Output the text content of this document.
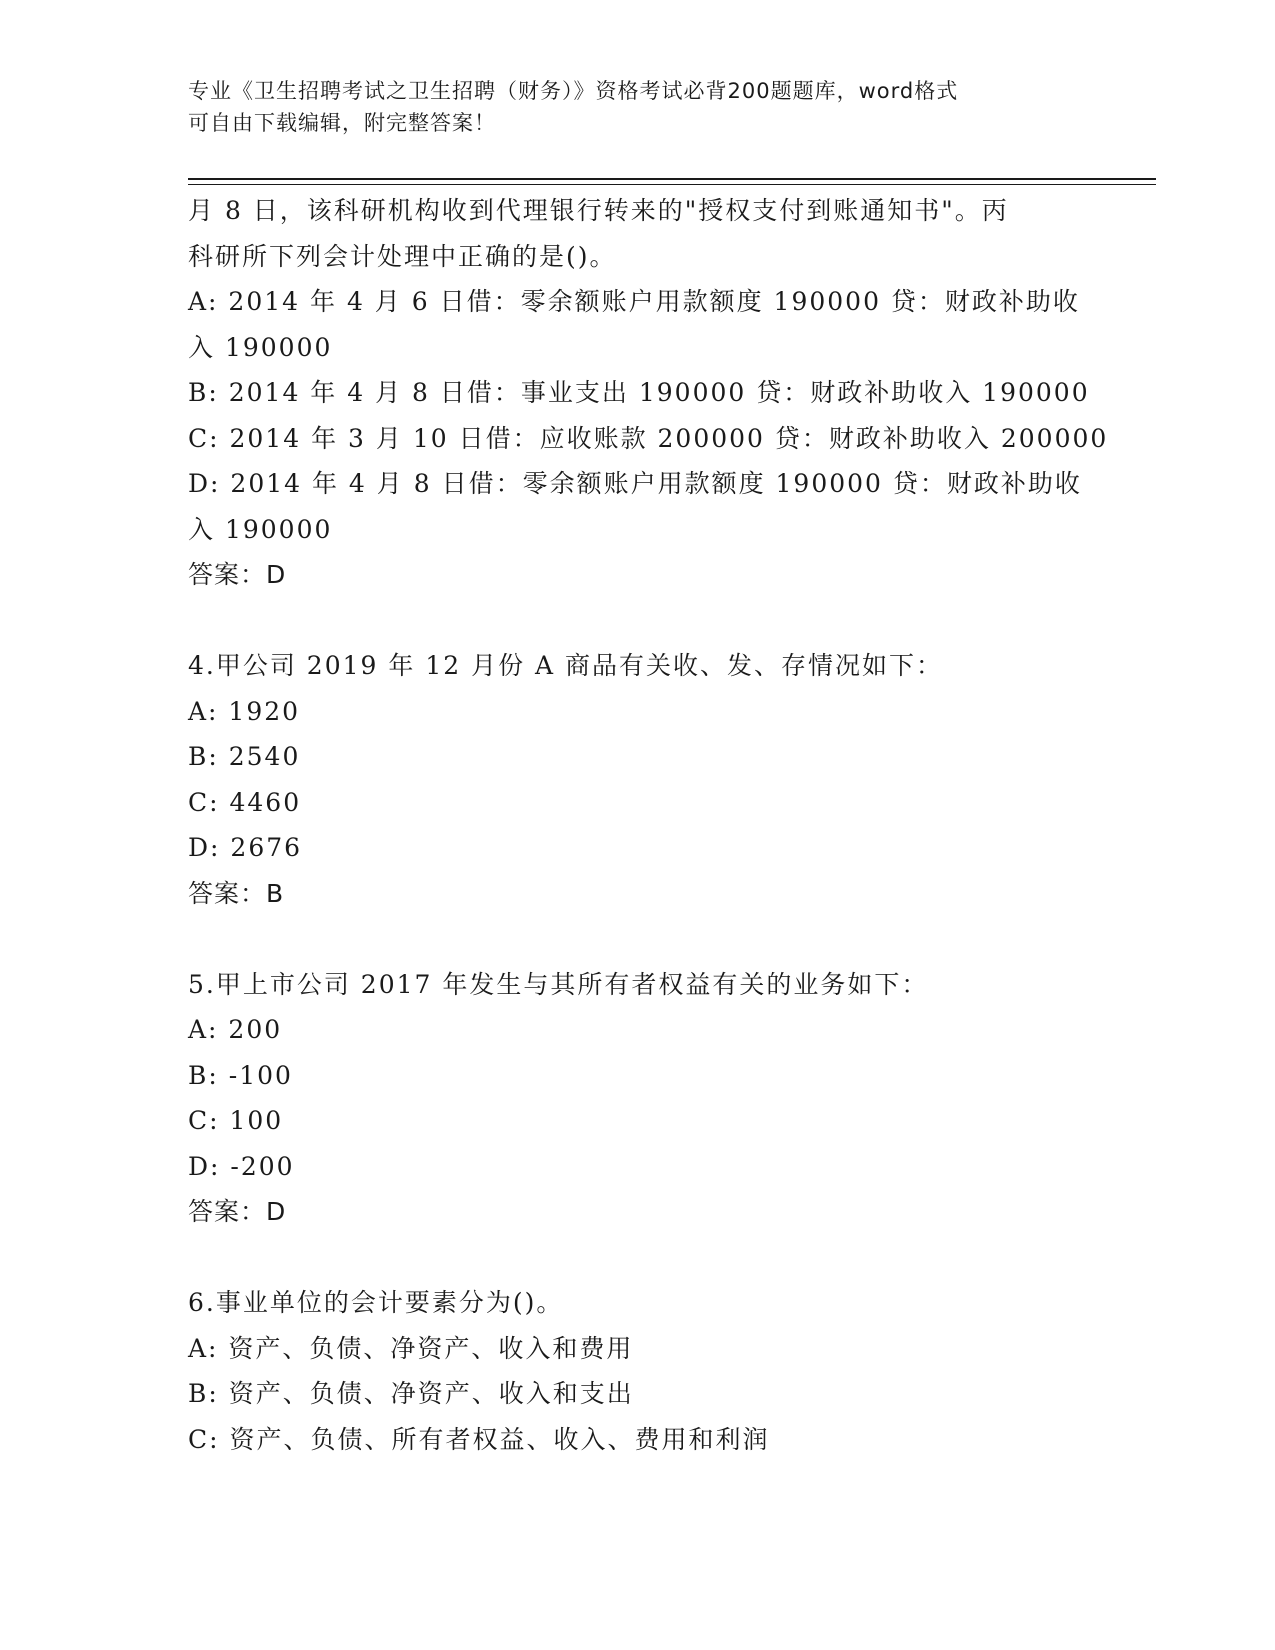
专业《卫生招聘考试之卫生招聘（财务）》资格考试必背200题题库，word格式
可自由下载编辑，附完整答案！
月 8 日，该科研机构收到代理银行转来的"授权支付到账通知书"。丙
科研所下列会计处理中正确的是()。
A: 2014 年 4 月 6 日借：零余额账户用款额度 190000 贷：财政补助收
入 190000
B: 2014 年 4 月 8 日借：事业支出 190000 贷：财政补助收入 190000
C: 2014 年 3 月 10 日借：应收账款 200000 贷：财政补助收入 200000
D: 2014 年 4 月 8 日借：零余额账户用款额度 190000 贷：财政补助收
入 190000
答案：D
4.甲公司 2019 年 12 月份 A 商品有关收、发、存情况如下：
A: 1920
B: 2540
C: 4460
D: 2676
答案：B
5.甲上市公司 2017 年发生与其所有者权益有关的业务如下：
A: 200
B: -100
C: 100
D: -200
答案：D
6.事业单位的会计要素分为()。
A: 资产、负债、净资产、收入和费用
B: 资产、负债、净资产、收入和支出
C: 资产、负债、所有者权益、收入、费用和利润
